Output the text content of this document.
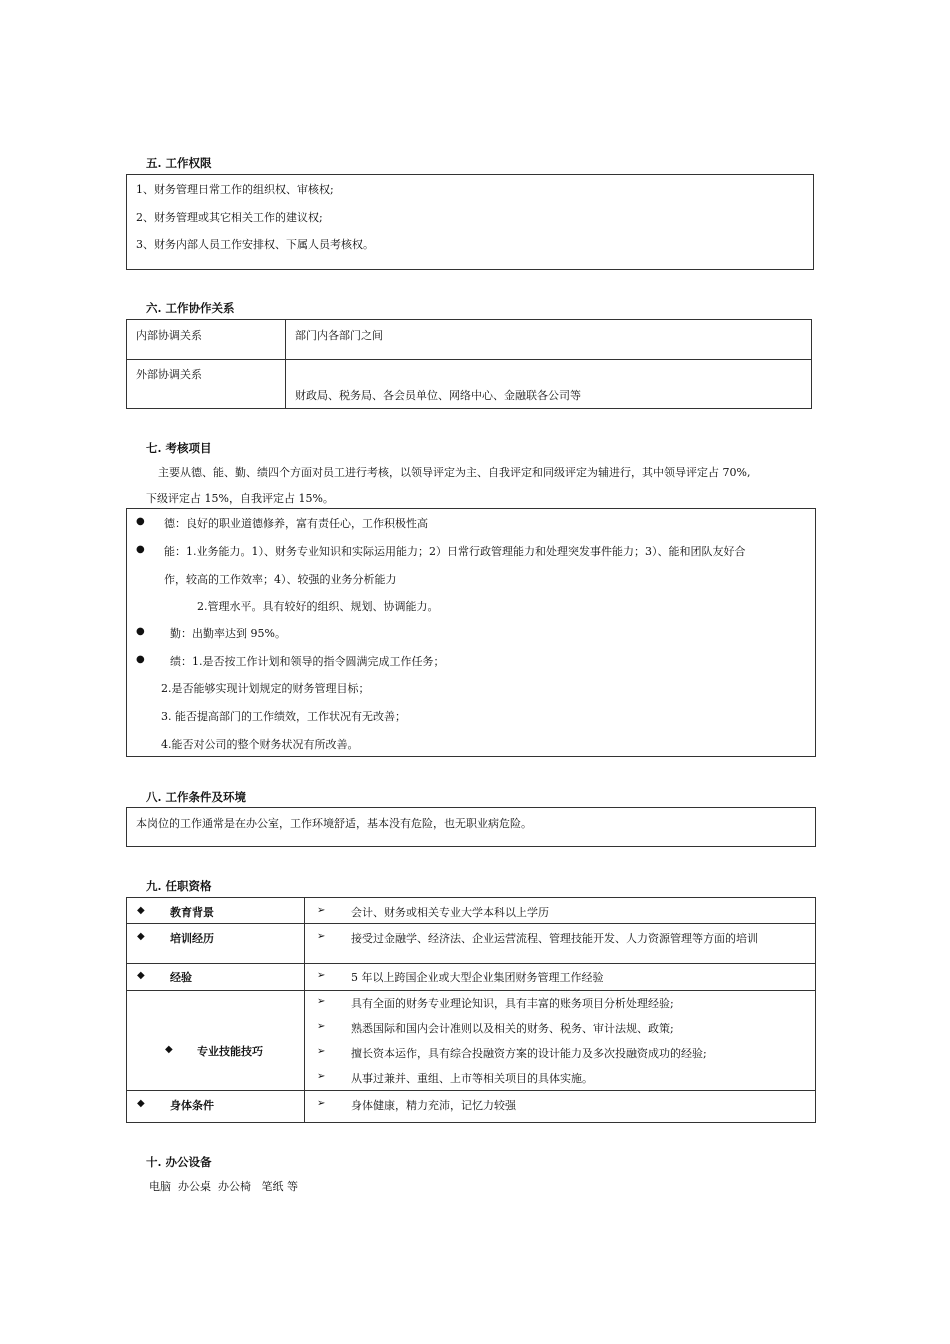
五. 工作权限
1、财务管理日常工作的组织权、审核权;
2、财务管理或其它相关工作的建议权;
3、财务内部人员工作安排权、下属人员考核权。
六. 工作协作关系
内部协调关系	部门内各部门之间
外部协调关系	财政局、税务局、各会员单位、网络中心、金融联各公司等
七. 考核项目
主要从德、能、勤、绩四个方面对员工进行考核，以领导评定为主、自我评定和同级评定为辅进行，其中领导评定占 70%,
下级评定占 15%，自我评定占 15%。
● 德：良好的职业道德修养，富有责任心，工作积极性高
● 能：1.业务能力。1）、财务专业知识和实际运用能力；2）日常行政管理能力和处理突发事件能力；3）、能和团队友好合
作，较高的工作效率；4）、较强的业务分析能力
2.管理水平。具有较好的组织、规划、协调能力。
● 勤：出勤率达到 95%。
● 绩：1.是否按工作计划和领导的指令圆满完成工作任务；
2.是否能够实现计划规定的财务管理目标；
3. 能否提高部门的工作绩效，工作状况有无改善；
4.能否对公司的整个财务状况有所改善。
八. 工作条件及环境
本岗位的工作通常是在办公室，工作环境舒适，基本没有危险，也无职业病危险。
九. 任职资格
◆ 教育背景	➢	会计、财务或相关专业大学本科以上学历
◆ 培训经历	➢	接受过金融学、经济法、企业运营流程、管理技能开发、人力资源管理等方面的培训
◆ 经验	➢	5 年以上跨国企业或大型企业集团财务管理工作经验
◆ 专业技能技巧
➢	具有全面的财务专业理论知识，具有丰富的账务项目分析处理经验;
➢	熟悉国际和国内会计准则以及相关的财务、税务、审计法规、政策;
➢	擅长资本运作，具有综合投融资方案的设计能力及多次投融资成功的经验;
➢	从事过兼并、重组、上市等相关项目的具体实施。
◆ 身体条件	➢	身体健康，精力充沛，记忆力较强
十. 办公设备
电脑  办公桌  办公椅   笔纸 等
